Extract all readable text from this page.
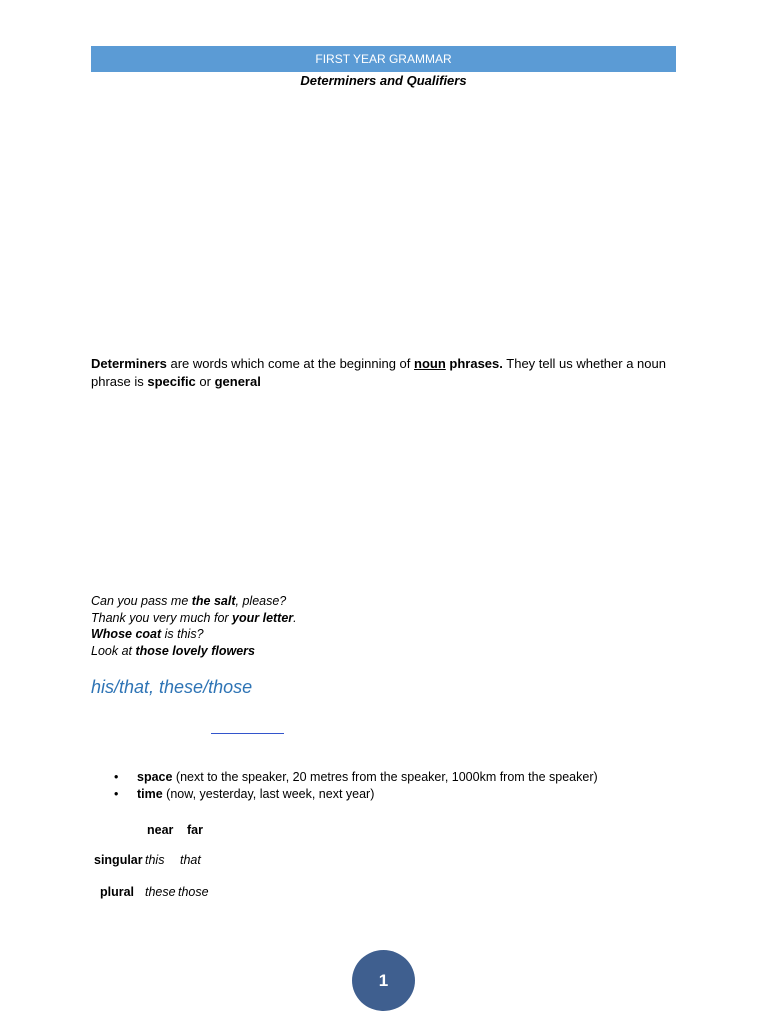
FIRST YEAR GRAMMAR
Determiners and Qualifiers
Determiners are words which come at the beginning of noun phrases. They tell us whether a noun phrase is specific or general
Can you pass me the salt, please?
Thank you very much for your letter.
Whose coat is this?
Look at those lovely flowers
his/that, these/those
• space (next to the speaker, 20 metres from the speaker, 1000km from the speaker)
• time (now, yesterday, last week, next year)
near far
singular this that
plural these those
1
